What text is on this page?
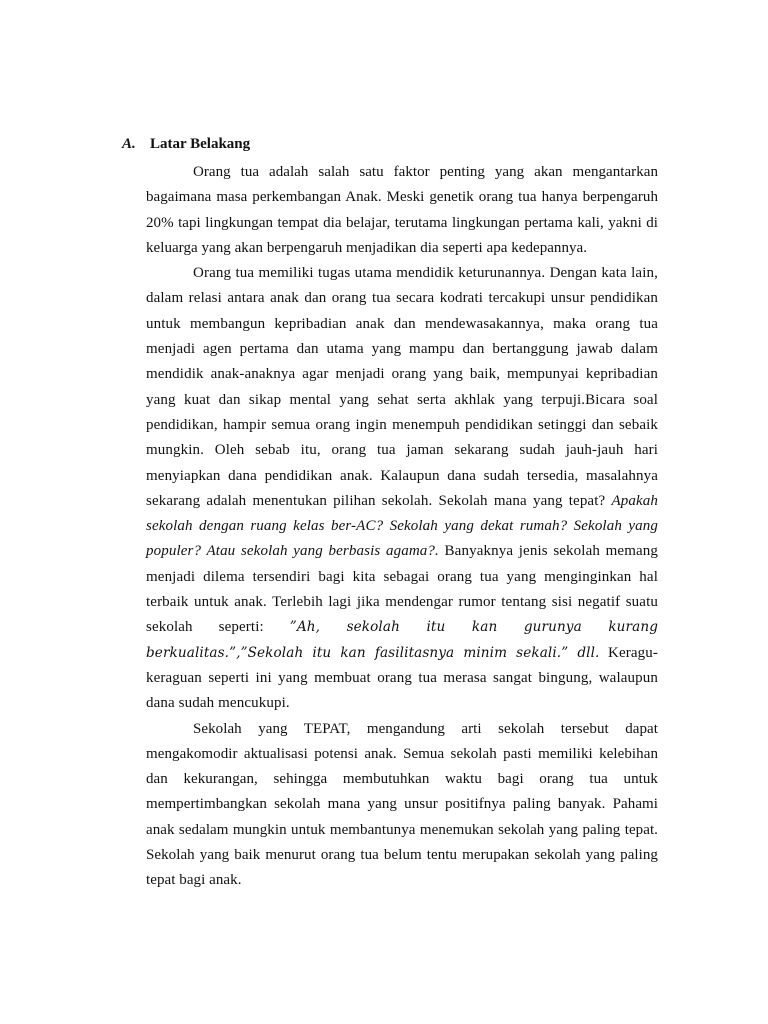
A. Latar Belakang

Orang tua adalah salah satu faktor penting yang akan mengantarkan bagaimana masa perkembangan Anak. Meski genetik orang tua hanya berpengaruh 20% tapi lingkungan tempat dia belajar, terutama lingkungan pertama kali, yakni di keluarga yang akan berpengaruh menjadikan dia seperti apa kedepannya.

Orang tua memiliki tugas utama mendidik keturunannya. Dengan kata lain, dalam relasi antara anak dan orang tua secara kodrati tercakupi unsur pendidikan untuk membangun kepribadian anak dan mendewasakannya, maka orang tua menjadi agen pertama dan utama yang mampu dan bertanggung jawab dalam mendidik anak-anaknya agar menjadi orang yang baik, mempunyai kepribadian yang kuat dan sikap mental yang sehat serta akhlak yang terpuji.Bicara soal pendidikan, hampir semua orang ingin menempuh pendidikan setinggi dan sebaik mungkin. Oleh sebab itu, orang tua jaman sekarang sudah jauh-jauh hari menyiapkan dana pendidikan anak. Kalaupun dana sudah tersedia, masalahnya sekarang adalah menentukan pilihan sekolah. Sekolah mana yang tepat? Apakah sekolah dengan ruang kelas ber-AC? Sekolah yang dekat rumah? Sekolah yang populer? Atau sekolah yang berbasis agama?. Banyaknya jenis sekolah memang menjadi dilema tersendiri bagi kita sebagai orang tua yang menginginkan hal terbaik untuk anak. Terlebih lagi jika mendengar rumor tentang sisi negatif suatu sekolah seperti: ”Ah, sekolah itu kan gurunya kurang berkualitas.”,”Sekolah itu kan fasilitasnya minim sekali.” dll. Keragu-keraguan seperti ini yang membuat orang tua merasa sangat bingung, walaupun dana sudah mencukupi.

Sekolah yang TEPAT, mengandung arti sekolah tersebut dapat mengakomodir aktualisasi potensi anak. Semua sekolah pasti memiliki kelebihan dan kekurangan, sehingga membutuhkan waktu bagi orang tua untuk mempertimbangkan sekolah mana yang unsur positifnya paling banyak. Pahami anak sedalam mungkin untuk membantunya menemukan sekolah yang paling tepat. Sekolah yang baik menurut orang tua belum tentu merupakan sekolah yang paling tepat bagi anak.
